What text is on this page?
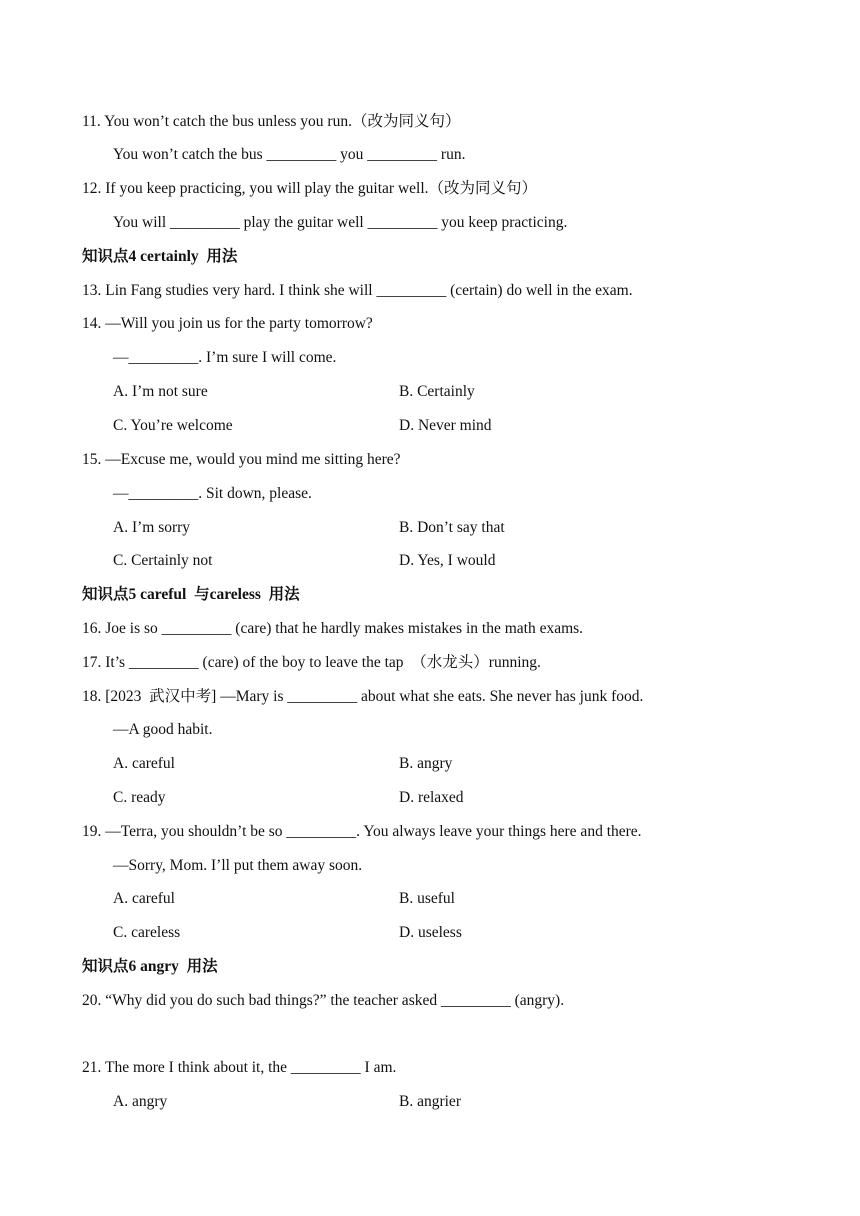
11. You won’t catch the bus unless you run.（改为同义句）
You won’t catch the bus _________ you _________ run.
12. If you keep practicing, you will play the guitar well.（改为同义句）
You will _________ play the guitar well _________ you keep practicing.
知识点4 certainly  用法
13. Lin Fang studies very hard. I think she will _________ (certain) do well in the exam.
14. —Will you join us for the party tomorrow?
—_________. I’m sure I will come.
A. I’m not sure	B. Certainly
C. You’re welcome	D. Never mind
15. —Excuse me, would you mind me sitting here?
—_________. Sit down, please.
A. I’m sorry	B. Don’t say that
C. Certainly not	D. Yes, I would
知识点5 careful  与careless  用法
16. Joe is so _________ (care) that he hardly makes mistakes in the math exams.
17. It’s _________ (care) of the boy to leave the tap  （水龙头）running.
18. [2023  武汉中考] —Mary is _________ about what she eats. She never has junk food.
—A good habit.
A. careful	B. angry
C. ready	D. relaxed
19. —Terra, you shouldn’t be so _________. You always leave your things here and there.
—Sorry, Mom. I’ll put them away soon.
A. careful	B. useful
C. careless	D. useless
知识点6 angry  用法
20. “Why did you do such bad things?” the teacher asked _________ (angry).
21. The more I think about it, the _________ I am.
A. angry	B. angrier
